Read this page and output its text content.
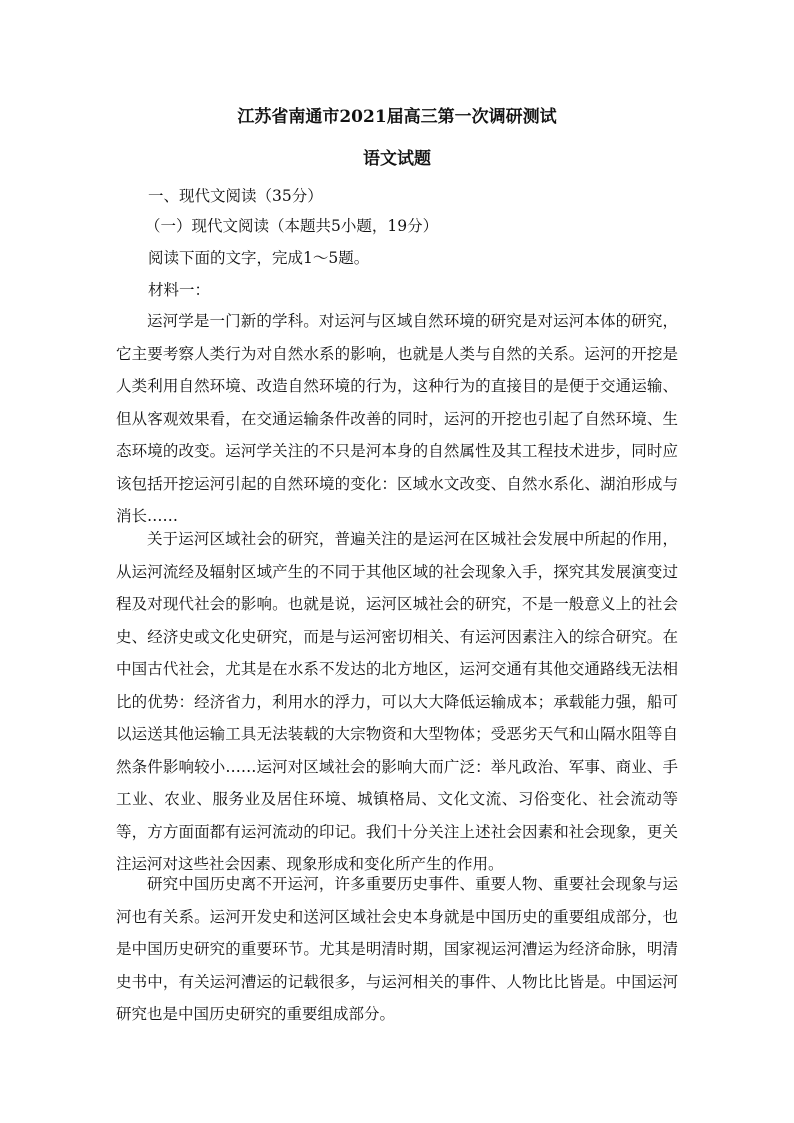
江苏省南通市2021届高三第一次调研测试
语文试题

一、现代文阅读（35分）

（一）现代文阅读（本题共5小题，19分）

阅读下面的文字，完成1～5题。

材料一：

运河学是一门新的学科。对运河与区域自然环境的研究是对运河本体的研究，它主要考察人类行为对自然水系的影响，也就是人类与自然的关系。运河的开挖是人类利用自然环境、改造自然环境的行为，这种行为的直接目的是便于交通运输、但从客观效果看，在交通运输条件改善的同时，运河的开挖也引起了自然环境、生态环境的改变。运河学关注的不只是河本身的自然属性及其工程技术进步，同时应该包括开挖运河引起的自然环境的变化：区域水文改变、自然水系化、湖泊形成与消长……

关于运河区域社会的研究，普遍关注的是运河在区城社会发展中所起的作用，从运河流经及辐射区域产生的不同于其他区域的社会现象入手，探究其发展演变过程及对现代社会的影响。也就是说，运河区城社会的研究，不是一般意义上的社会史、经济史或文化史研究，而是与运河密切相关、有运河因素注入的综合研究。在中国古代社会，尤其是在水系不发达的北方地区，运河交通有其他交通路线无法相比的优势：经济省力，利用水的浮力，可以大大降低运输成本；承载能力强，船可以运送其他运输工具无法装载的大宗物资和大型物体；受恶劣天气和山隔水阻等自然条件影响较小……运河对区域社会的影响大而广泛：举凡政治、军事、商业、手工业、农业、服务业及居住环境、城镇格局、文化文流、习俗变化、社会流动等等，方方面面都有运河流动的印记。我们十分关注上述社会因素和社会现象，更关注运河对这些社会因素、现象形成和变化所产生的作用。

研究中国历史离不开运河，许多重要历史事件、重要人物、重要社会现象与运河也有关系。运河开发史和送河区域社会史本身就是中国历史的重要组成部分，也是中国历史研究的重要环节。尤其是明清时期，国家视运河漕运为经济命脉，明清史书中，有关运河漕运的记载很多，与运河相关的事件、人物比比皆是。中国运河研究也是中国历史研究的重要组成部分。
